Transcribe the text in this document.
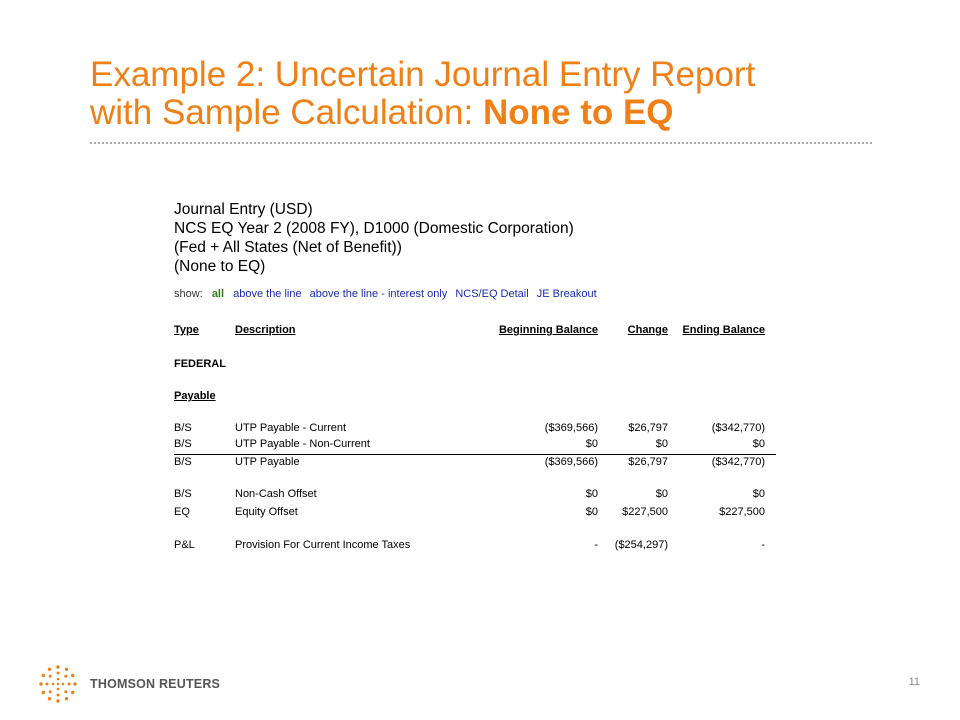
Example 2: Uncertain Journal Entry Report
with Sample Calculation: None to EQ
Journal Entry (USD)
NCS EQ Year 2 (2008 FY), D1000 (Domestic Corporation)
(Fed + All States (Net of Benefit))
(None to EQ)
show: all above the line above the line - interest only NCS/EQ Detail JE Breakout
Type	Description	Beginning Balance	Change Ending Balance
FEDERAL
Payable
B/S	UTP Payable - Current	($369,566)	$26,797	($342,770)
B/S	UTP Payable - Non-Current	$0	$0	$0
B/S	UTP Payable	($369,566)	$26,797	($342,770)
B/S	Non-Cash Offset	$0	$0	$0
EQ	Equity Offset	$0 $227,500	$227,500
P&L	Provision For Current Income Taxes	- ($254,297)	-
THOMSON REUTERS	11
